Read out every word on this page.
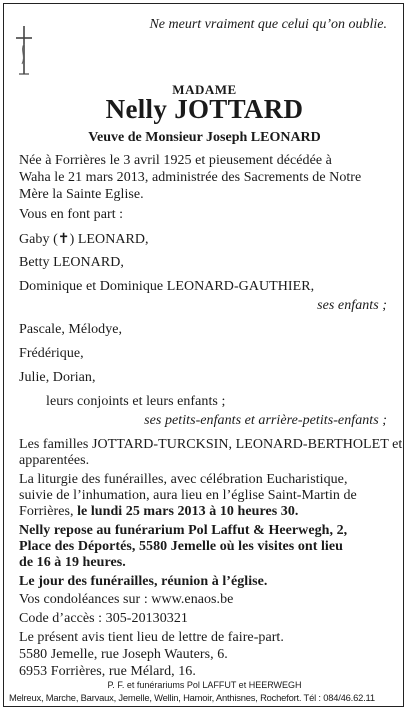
Ne meurt vraiment que celui qu’on oublie.
MADAME
Nelly JOTTARD
Veuve de Monsieur Joseph LEONARD
Née à Forrières le 3 avril 1925 et pieusement décédée à
Waha le 21 mars 2013, administrée des Sacrements de Notre
Mère la Sainte Eglise.
Vous en font part :
Gaby (✝) LEONARD,
Betty LEONARD,
Dominique et Dominique LEONARD-GAUTHIER,
ses enfants ;
Pascale, Mélodye,
Frédérique,
Julie, Dorian,
leurs conjoints et leurs enfants ;
ses petits-enfants et arrière-petits-enfants ;
Les familles JOTTARD-TURCKSIN, LEONARD-BERTHOLET et
apparentées.
La liturgie des funérailles, avec célébration Eucharistique,
suivie de l’inhumation, aura lieu en l’église Saint-Martin de
Forrières, le lundi 25 mars 2013 à 10 heures 30.
Nelly repose au funérarium Pol Laffut & Heerwegh, 2,
Place des Déportés, 5580 Jemelle où les visites ont lieu
de 16 à 19 heures.
Le jour des funérailles, réunion à l’église.
Vos condoléances sur : www.enaos.be
Code d’accès : 305-20130321
Le présent avis tient lieu de lettre de faire-part.
5580 Jemelle, rue Joseph Wauters, 6.
6953 Forrières, rue Mélard, 16.
P. F. et funérariums Pol LAFFUT et HEERWEGH
Melreux, Marche, Barvaux, Jemelle, Wellin, Hamoir, Anthisnes, Rochefort. Tél : 084/46.62.11
